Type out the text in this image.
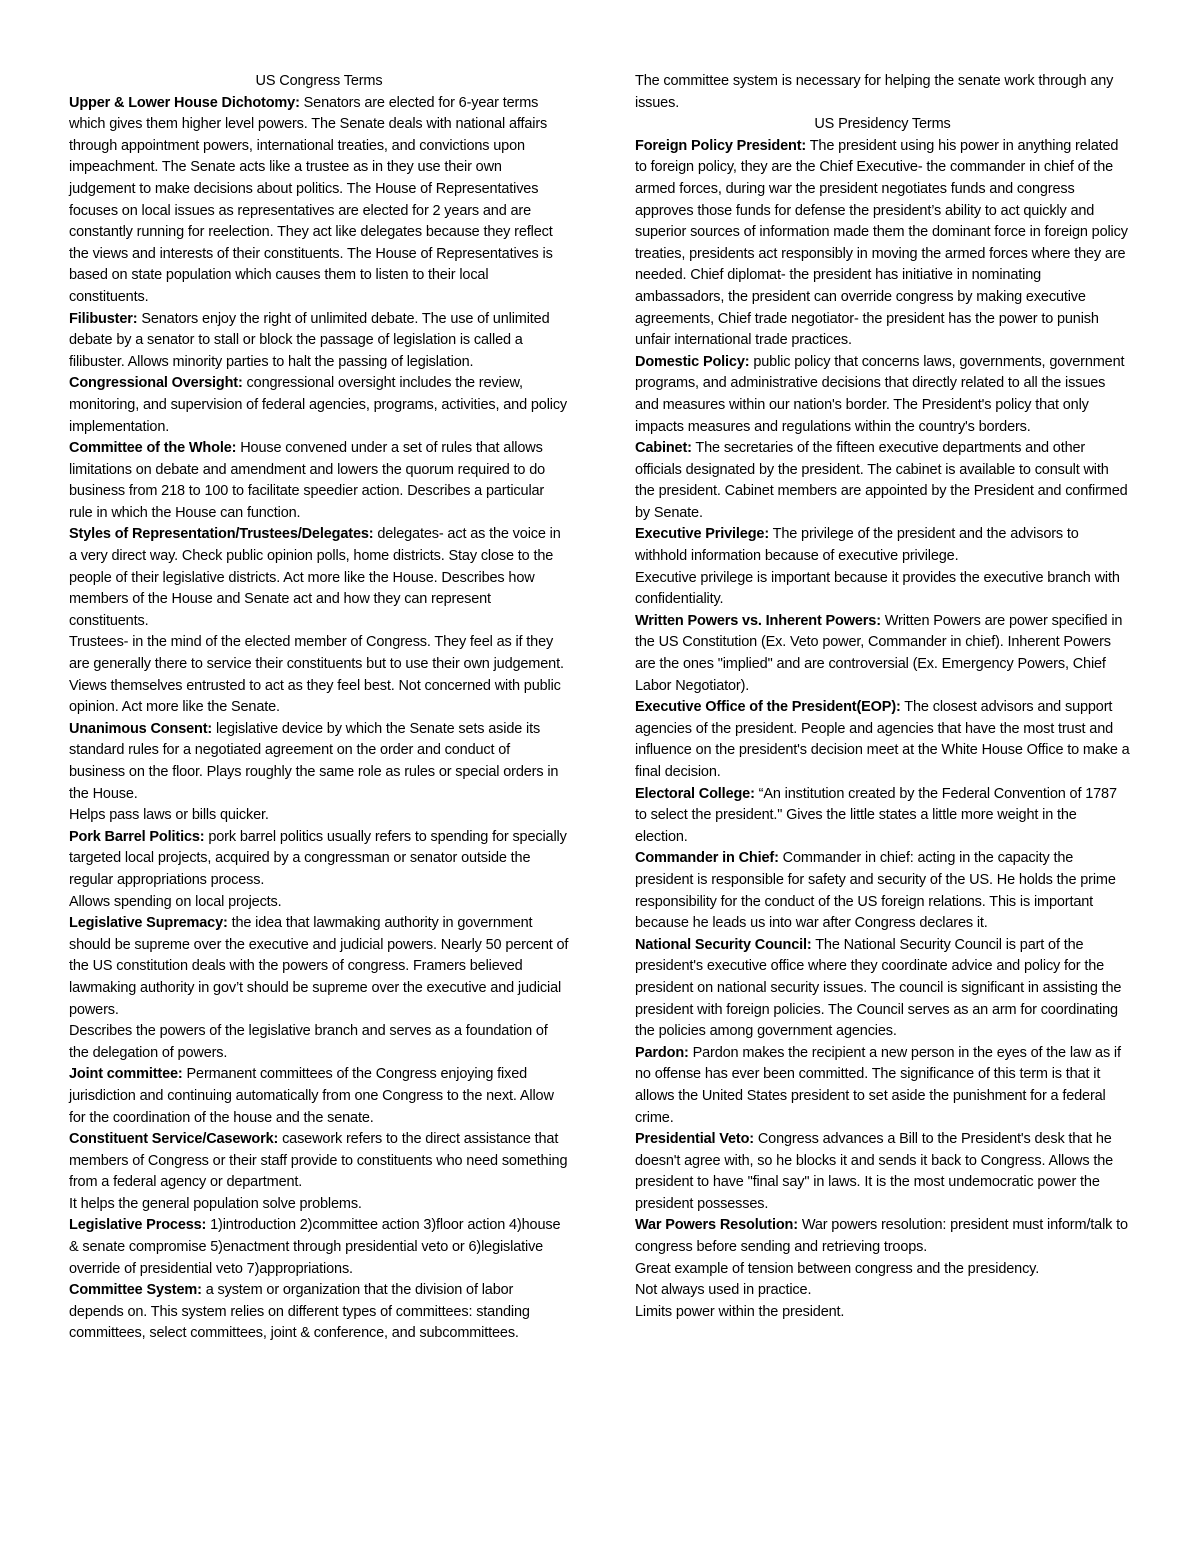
US Congress Terms

Upper & Lower House Dichotomy: Senators are elected for 6-year terms which gives them higher level powers. The Senate deals with national affairs through appointment powers, international treaties, and convictions upon impeachment. The Senate acts like a trustee as in they use their own judgement to make decisions about politics. The House of Representatives focuses on local issues as representatives are elected for 2 years and are constantly running for reelection. They act like delegates because they reflect the views and interests of their constituents. The House of Representatives is based on state population which causes them to listen to their local constituents.

Filibuster: Senators enjoy the right of unlimited debate. The use of unlimited debate by a senator to stall or block the passage of legislation is called a filibuster. Allows minority parties to halt the passing of legislation.

Congressional Oversight: congressional oversight includes the review, monitoring, and supervision of federal agencies, programs, activities, and policy implementation.

Committee of the Whole: House convened under a set of rules that allows limitations on debate and amendment and lowers the quorum required to do business from 218 to 100 to facilitate speedier action. Describes a particular rule in which the House can function.

Styles of Representation/Trustees/Delegates: delegates- act as the voice in a very direct way. Check public opinion polls, home districts. Stay close to the people of their legislative districts. Act more like the House. Describes how members of the House and Senate act and how they can represent constituents.

Trustees- in the mind of the elected member of Congress. They feel as if they are generally there to service their constituents but to use their own judgement. Views themselves entrusted to act as they feel best. Not concerned with public opinion. Act more like the Senate.

Unanimous Consent: legislative device by which the Senate sets aside its standard rules for a negotiated agreement on the order and conduct of business on the floor. Plays roughly the same role as rules or special orders in the House.

Helps pass laws or bills quicker.

Pork Barrel Politics: pork barrel politics usually refers to spending for specially targeted local projects, acquired by a congressman or senator outside the regular appropriations process.

Allows spending on local projects.

Legislative Supremacy: the idea that lawmaking authority in government should be supreme over the executive and judicial powers. Nearly 50 percent of the US constitution deals with the powers of congress. Framers believed lawmaking authority in gov’t should be supreme over the executive and judicial powers.

Describes the powers of the legislative branch and serves as a foundation of the delegation of powers.

Joint committee: Permanent committees of the Congress enjoying fixed jurisdiction and continuing automatically from one Congress to the next. Allow for the coordination of the house and the senate.

Constituent Service/Casework: casework refers to the direct assistance that members of Congress or their staff provide to constituents who need something from a federal agency or department.

It helps the general population solve problems.

Legislative Process: 1)introduction 2)committee action 3)floor action 4)house & senate compromise 5)enactment through presidential veto or 6)legislative override of presidential veto 7)appropriations.

Committee System: a system or organization that the division of labor depends on. This system relies on different types of committees: standing committees, select committees, joint & conference, and subcommittees.

The committee system is necessary for helping the senate work through any issues.

US Presidency Terms

Foreign Policy President: The president using his power in anything related to foreign policy, they are the Chief Executive- the commander in chief of the armed forces, during war the president negotiates funds and congress approves those funds for defense the president’s ability to act quickly and superior sources of information made them the dominant force in foreign policy treaties, presidents act responsibly in moving the armed forces where they are needed. Chief diplomat- the president has initiative in nominating ambassadors, the president can override congress by making executive agreements, Chief trade negotiator- the president has the power to punish unfair international trade practices.

Domestic Policy: public policy that concerns laws, governments, government programs, and administrative decisions that directly related to all the issues and measures within our nation's border. The President's policy that only impacts measures and regulations within the country's borders.

Cabinet: The secretaries of the fifteen executive departments and other officials designated by the president. The cabinet is available to consult with the president. Cabinet members are appointed by the President and confirmed by Senate.

Executive Privilege: The privilege of the president and the advisors to withhold information because of executive privilege.

Executive privilege is important because it provides the executive branch with confidentiality.

Written Powers vs. Inherent Powers: Written Powers are power specified in the US Constitution (Ex. Veto power, Commander in chief). Inherent Powers are the ones "implied" and are controversial (Ex. Emergency Powers, Chief Labor Negotiator).

Executive Office of the President(EOP): The closest advisors and support agencies of the president. People and agencies that have the most trust and influence on the president's decision meet at the White House Office to make a final decision.

Electoral College: “An institution created by the Federal Convention of 1787 to select the president." Gives the little states a little more weight in the election.

Commander in Chief: Commander in chief: acting in the capacity the president is responsible for safety and security of the US. He holds the prime responsibility for the conduct of the US foreign relations. This is important because he leads us into war after Congress declares it.

National Security Council: The National Security Council is part of the president's executive office where they coordinate advice and policy for the president on national security issues. The council is significant in assisting the president with foreign policies. The Council serves as an arm for coordinating the policies among government agencies.

Pardon: Pardon makes the recipient a new person in the eyes of the law as if no offense has ever been committed. The significance of this term is that it allows the United States president to set aside the punishment for a federal crime.

Presidential Veto: Congress advances a Bill to the President's desk that he doesn't agree with, so he blocks it and sends it back to Congress. Allows the president to have "final say" in laws. It is the most undemocratic power the president possesses.

War Powers Resolution: War powers resolution: president must inform/talk to congress before sending and retrieving troops.

Great example of tension between congress and the presidency.

Not always used in practice.

Limits power within the president.
